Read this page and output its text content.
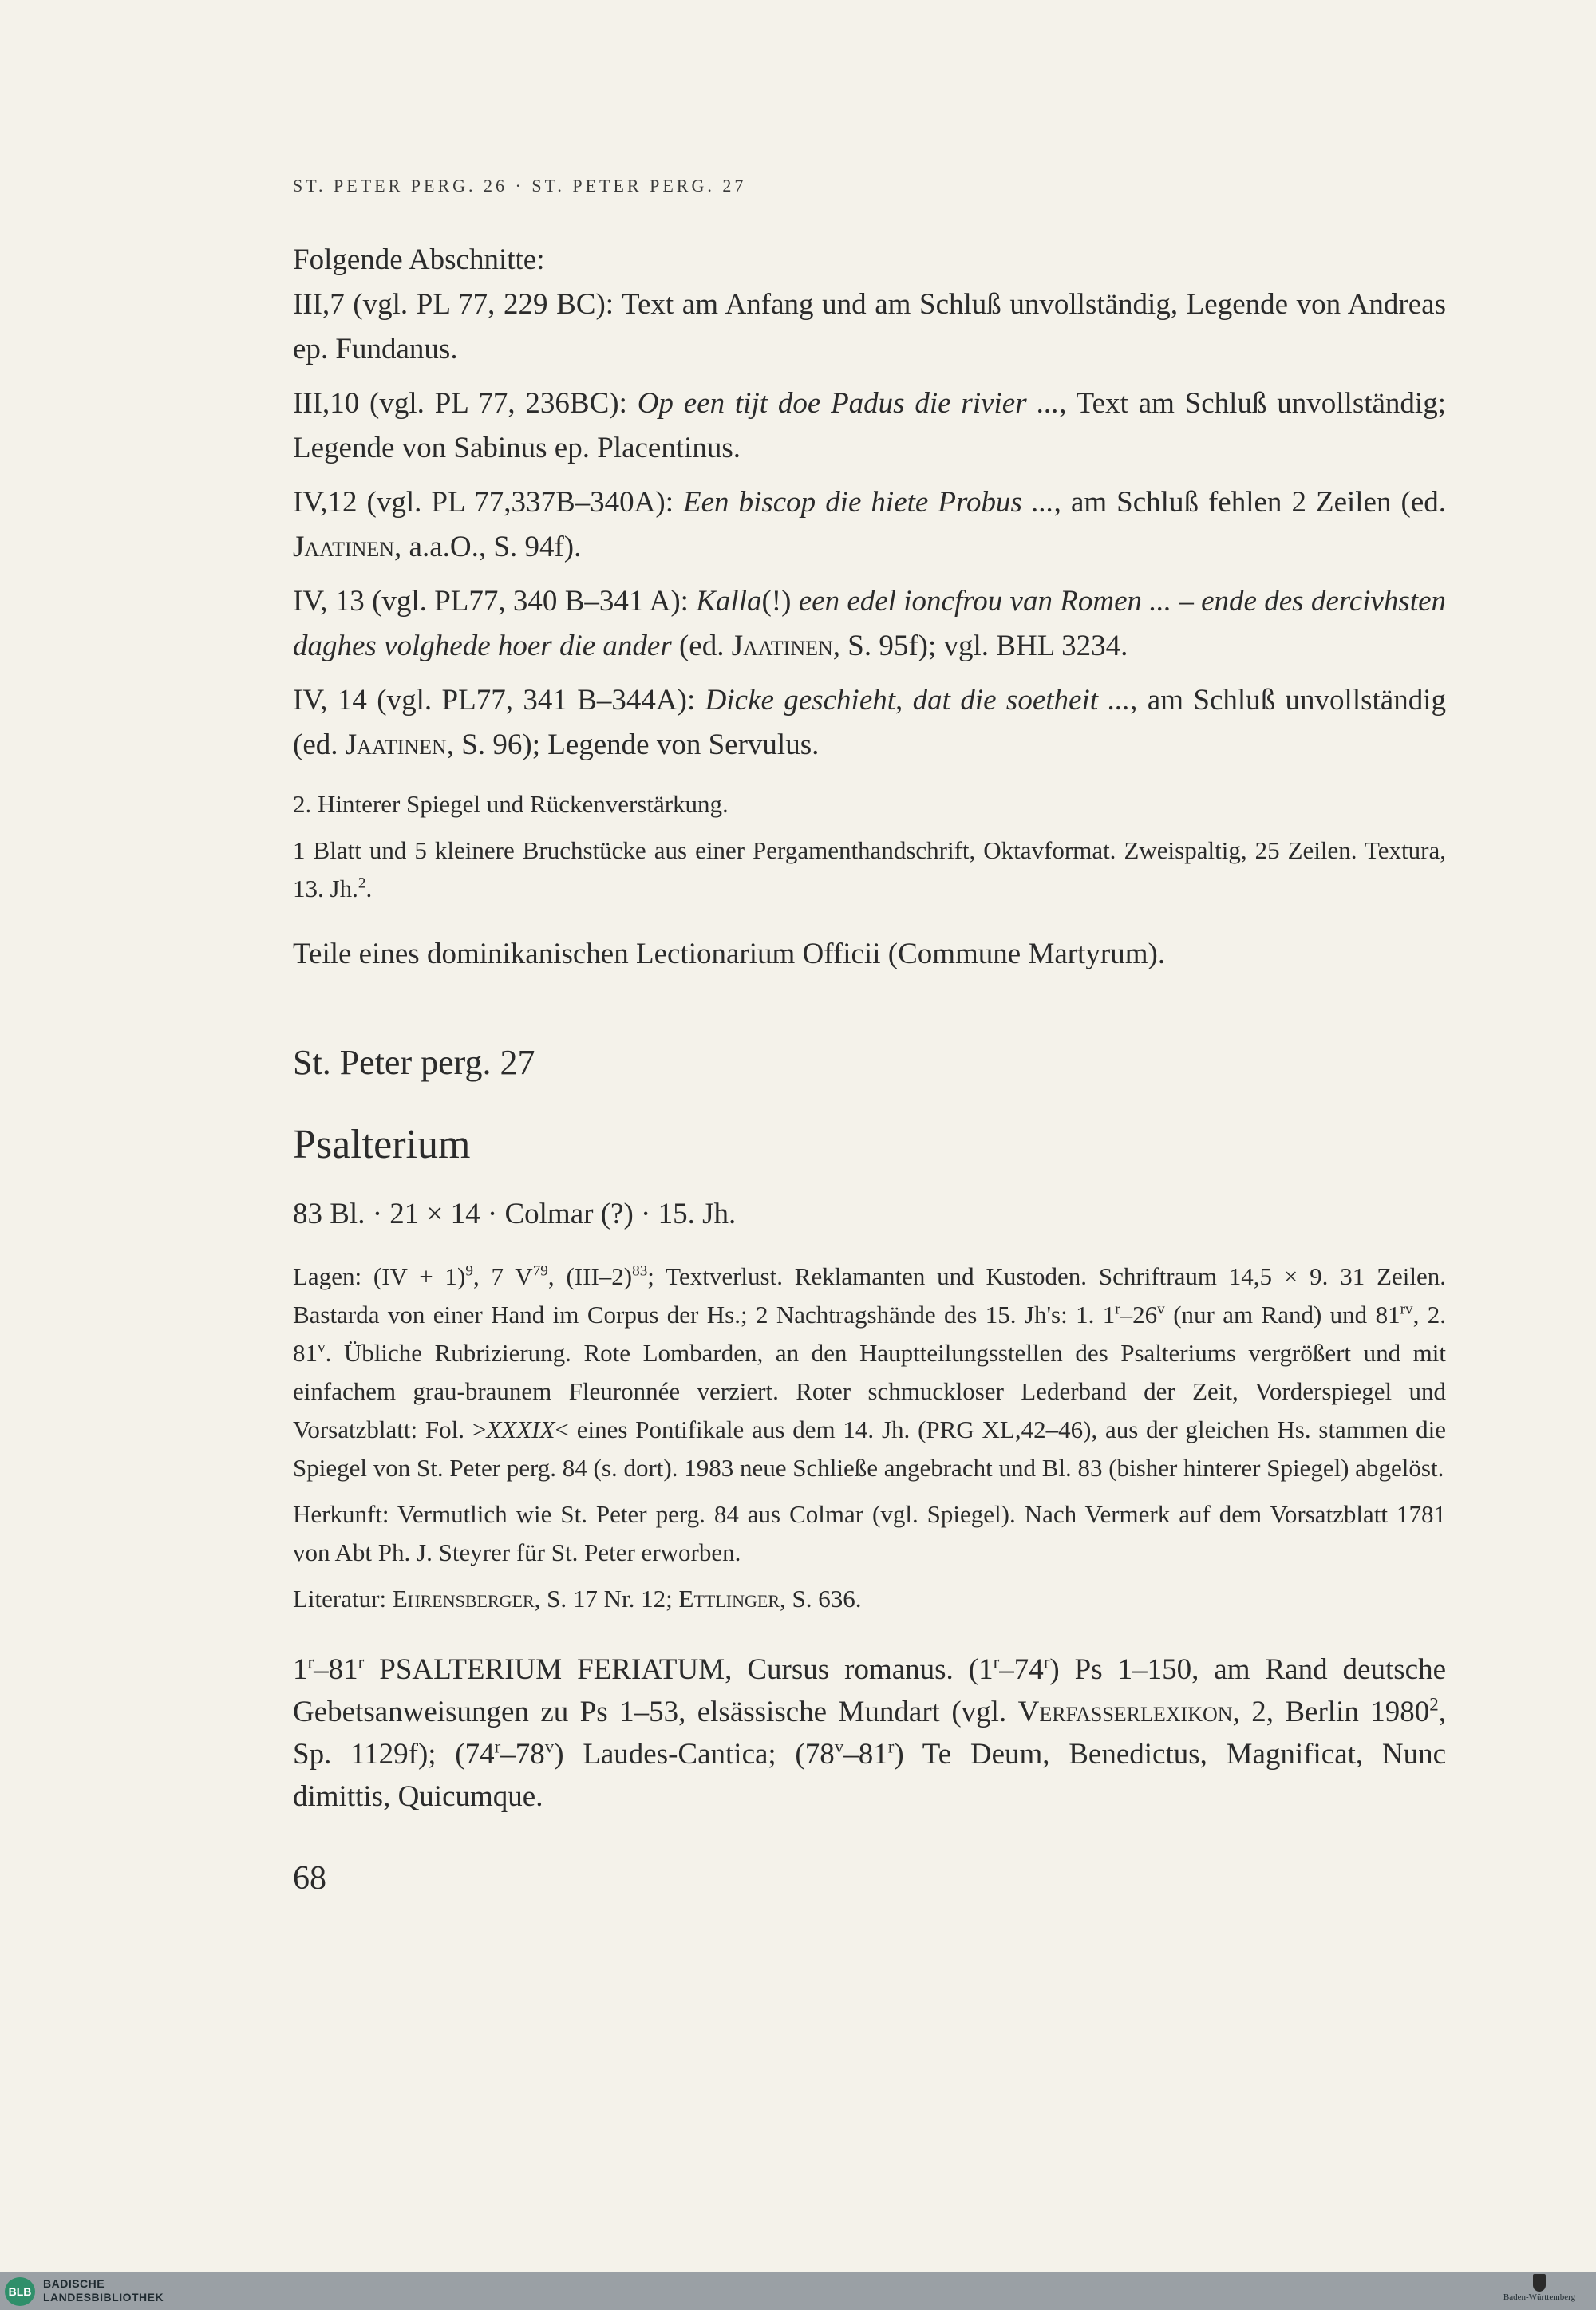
ST. PETER PERG. 26 · ST. PETER PERG. 27

Folgende Abschnitte:

III,7 (vgl. PL 77, 229 BC): Text am Anfang und am Schluß unvollständig, Legende von Andreas ep. Fundanus.

III,10 (vgl. PL 77, 236BC): Op een tijt doe Padus die rivier ..., Text am Schluß unvollständig; Legende von Sabinus ep. Placentinus.

IV,12 (vgl. PL 77,337B–340A): Een biscop die hiete Probus ..., am Schluß fehlen 2 Zeilen (ed. Jaatinen, a.a.O., S. 94f).

IV, 13 (vgl. PL77, 340 B–341 A): Kalla(!) een edel ioncfrou van Romen ... – ende des dercivhsten daghes volghede hoer die ander (ed. Jaatinen, S. 95f); vgl. BHL 3234.

IV, 14 (vgl. PL77, 341 B–344A): Dicke geschieht, dat die soetheit ..., am Schluß unvollständig (ed. Jaatinen, S. 96); Legende von Servulus.

2. Hinterer Spiegel und Rückenverstärkung.

1 Blatt und 5 kleinere Bruchstücke aus einer Pergamenthandschrift, Oktavformat. Zweispaltig, 25 Zeilen. Textura, 13. Jh.$^2$.

Teile eines dominikanischen Lectionarium Officii (Commune Martyrum).

St. Peter perg. 27
Psalterium
83 Bl. · 21 × 14 · Colmar (?) · 15. Jh.

Lagen: (IV + 1)$^9$, 7 $V^{79}$, $(III-2)^{83}$; Textverlust. Reklamanten und Kustoden. Schriftraum 14,5 × 9. 31 Zeilen. Bastarda von einer Hand im Corpus der Hs.; 2 Nachtragshände des 15. Jh's: 1. 1$^r$–26$^v$ (nur am Rand) und $81^{rv}$, 2. 81$^v$. Übliche Rubrizierung. Rote Lombarden, an den Hauptteilungsstellen des Psalteriums vergrößert und mit einfachem grau-braunem Fleuronnée verziert. Roter schmuckloser Lederband der Zeit, Vorderspiegel und Vorsatzblatt: Fol. >XXXIX< eines Pontifikale aus dem 14. Jh. (PRG XL,42–46), aus der gleichen Hs. stammen die Spiegel von St. Peter perg. 84 (s. dort). 1983 neue Schließe angebracht und Bl. 83 (bisher hinterer Spiegel) abgelöst.

Herkunft: Vermutlich wie St. Peter perg. 84 aus Colmar (vgl. Spiegel). Nach Vermerk auf dem Vorsatzblatt 1781 von Abt Ph. J. Steyrer für St. Peter erworben.

Literatur: Ehrensberger, S. 17 Nr. 12; Ettlinger, S. 636.

1$^r$–81$^r$ PSALTERIUM FERIATUM, Cursus romanus. (1$^r$–74$^r$) Ps 1–150, am Rand deutsche Gebetsanweisungen zu Ps 1–53, elsässische Mundart (vgl. Verfasserlexikon, 2, Berlin 1980$^2$, Sp. 1129f); (74$^r$–78$^v$) Laudes-Cantica; (78$^v$–81$^r$) Te Deum, Benedictus, Magnificat, Nunc dimittis, Quicumque.

68
BLB
BADISCHE
LANDESBIBLIOTHEK	Baden-Württemberg
